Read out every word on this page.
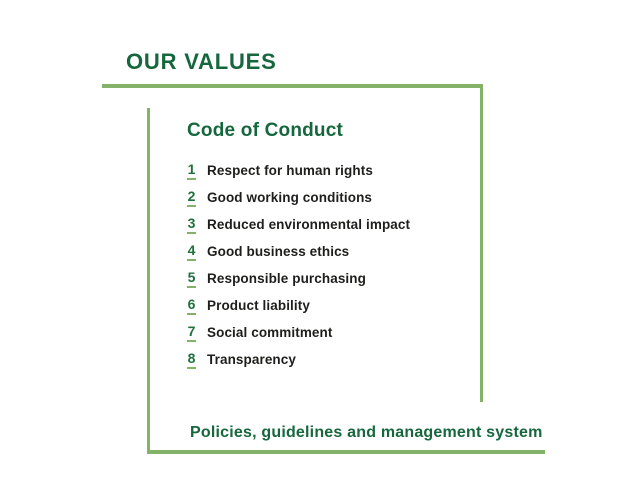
OUR VALUES
Code of Conduct
1 Respect for human rights
2 Good working conditions
3 Reduced environmental impact
4 Good business ethics
5 Responsible purchasing
6 Product liability
7 Social commitment
8 Transparency
Policies, guidelines and management system
